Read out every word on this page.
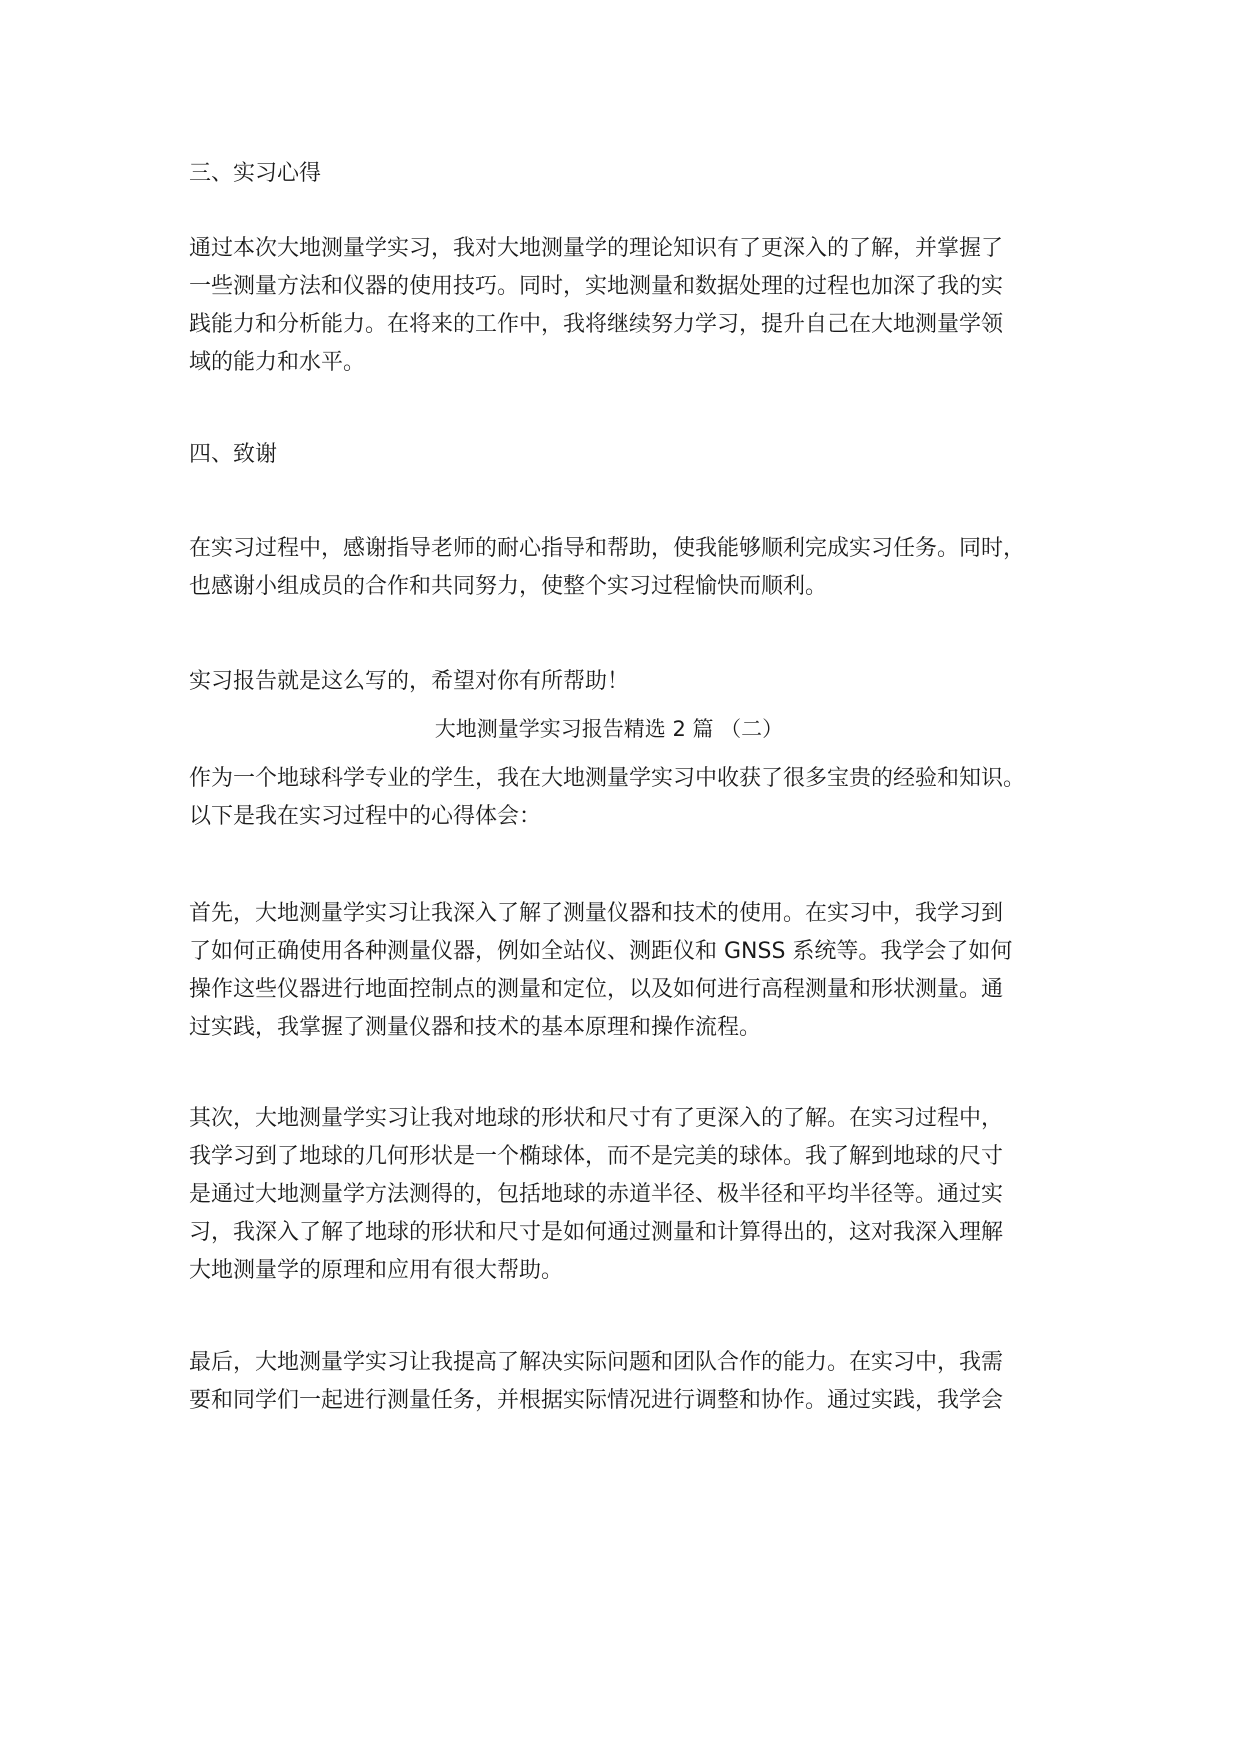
三、实习心得
通过本次大地测量学实习，我对大地测量学的理论知识有了更深入的了解，并掌握了
一些测量方法和仪器的使用技巧。同时，实地测量和数据处理的过程也加深了我的实
践能力和分析能力。在将来的工作中，我将继续努力学习，提升自己在大地测量学领
域的能力和水平。
四、致谢
在实习过程中，感谢指导老师的耐心指导和帮助，使我能够顺利完成实习任务。同时，
也感谢小组成员的合作和共同努力，使整个实习过程愉快而顺利。
实习报告就是这么写的，希望对你有所帮助！
大地测量学实习报告精选 2 篇 （二）
作为一个地球科学专业的学生，我在大地测量学实习中收获了很多宝贵的经验和知识。
以下是我在实习过程中的心得体会：
首先，大地测量学实习让我深入了解了测量仪器和技术的使用。在实习中，我学习到
了如何正确使用各种测量仪器，例如全站仪、测距仪和 GNSS 系统等。我学会了如何
操作这些仪器进行地面控制点的测量和定位，以及如何进行高程测量和形状测量。通
过实践，我掌握了测量仪器和技术的基本原理和操作流程。
其次，大地测量学实习让我对地球的形状和尺寸有了更深入的了解。在实习过程中，
我学习到了地球的几何形状是一个椭球体，而不是完美的球体。我了解到地球的尺寸
是通过大地测量学方法测得的，包括地球的赤道半径、极半径和平均半径等。通过实
习，我深入了解了地球的形状和尺寸是如何通过测量和计算得出的，这对我深入理解
大地测量学的原理和应用有很大帮助。
最后，大地测量学实习让我提高了解决实际问题和团队合作的能力。在实习中，我需
要和同学们一起进行测量任务，并根据实际情况进行调整和协作。通过实践，我学会
